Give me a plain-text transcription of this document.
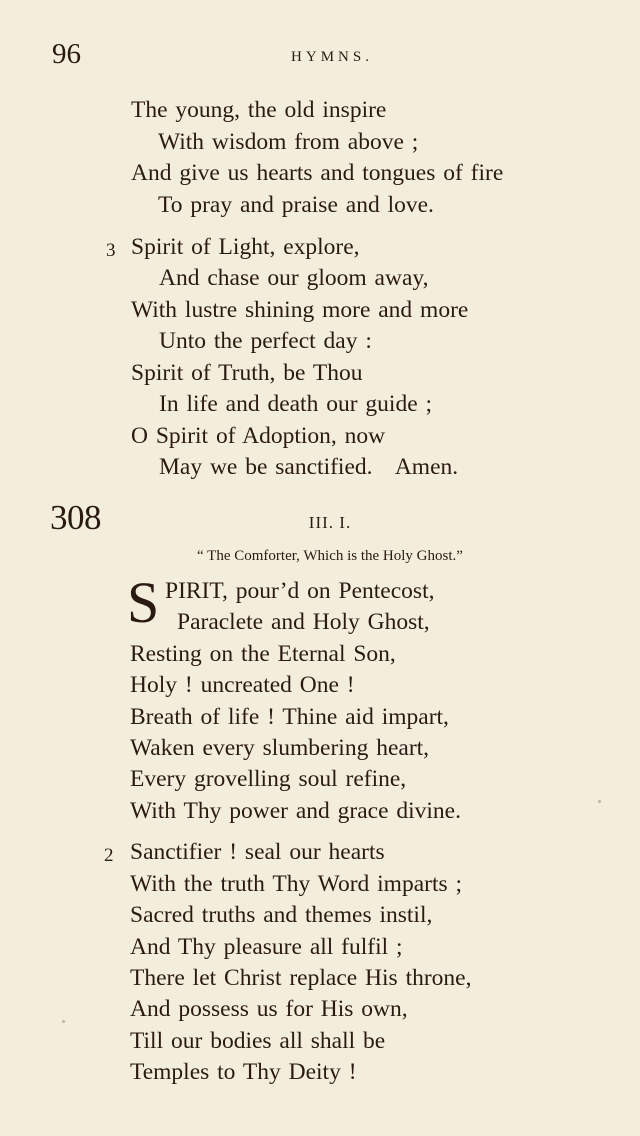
96	HYMNS.
The young, the old inspire
With wisdom from above ;
And give us hearts and tongues of fire
To pray and praise and love.
3 Spirit of Light, explore,
And chase our gloom away,
With lustre shining more and more
Unto the perfect day :
Spirit of Truth, be Thou
In life and death our guide ;
O Spirit of Adoption, now
May we be sanctified.   Amen.
308	III. I.
“ The Comforter, Which is the Holy Ghost.”
S PIRIT, pour’d on Pentecost,
Paraclete and Holy Ghost,
Resting on the Eternal Son,
Holy ! uncreated One !
Breath of life ! Thine aid impart,
Waken every slumbering heart,
Every grovelling soul refine,
With Thy power and grace divine.
2 Sanctifier ! seal our hearts
With the truth Thy Word imparts ;
Sacred truths and themes instil,
And Thy pleasure all fulfil ;
There let Christ replace His throne,
And possess us for His own,
Till our bodies all shall be
Temples to Thy Deity !
